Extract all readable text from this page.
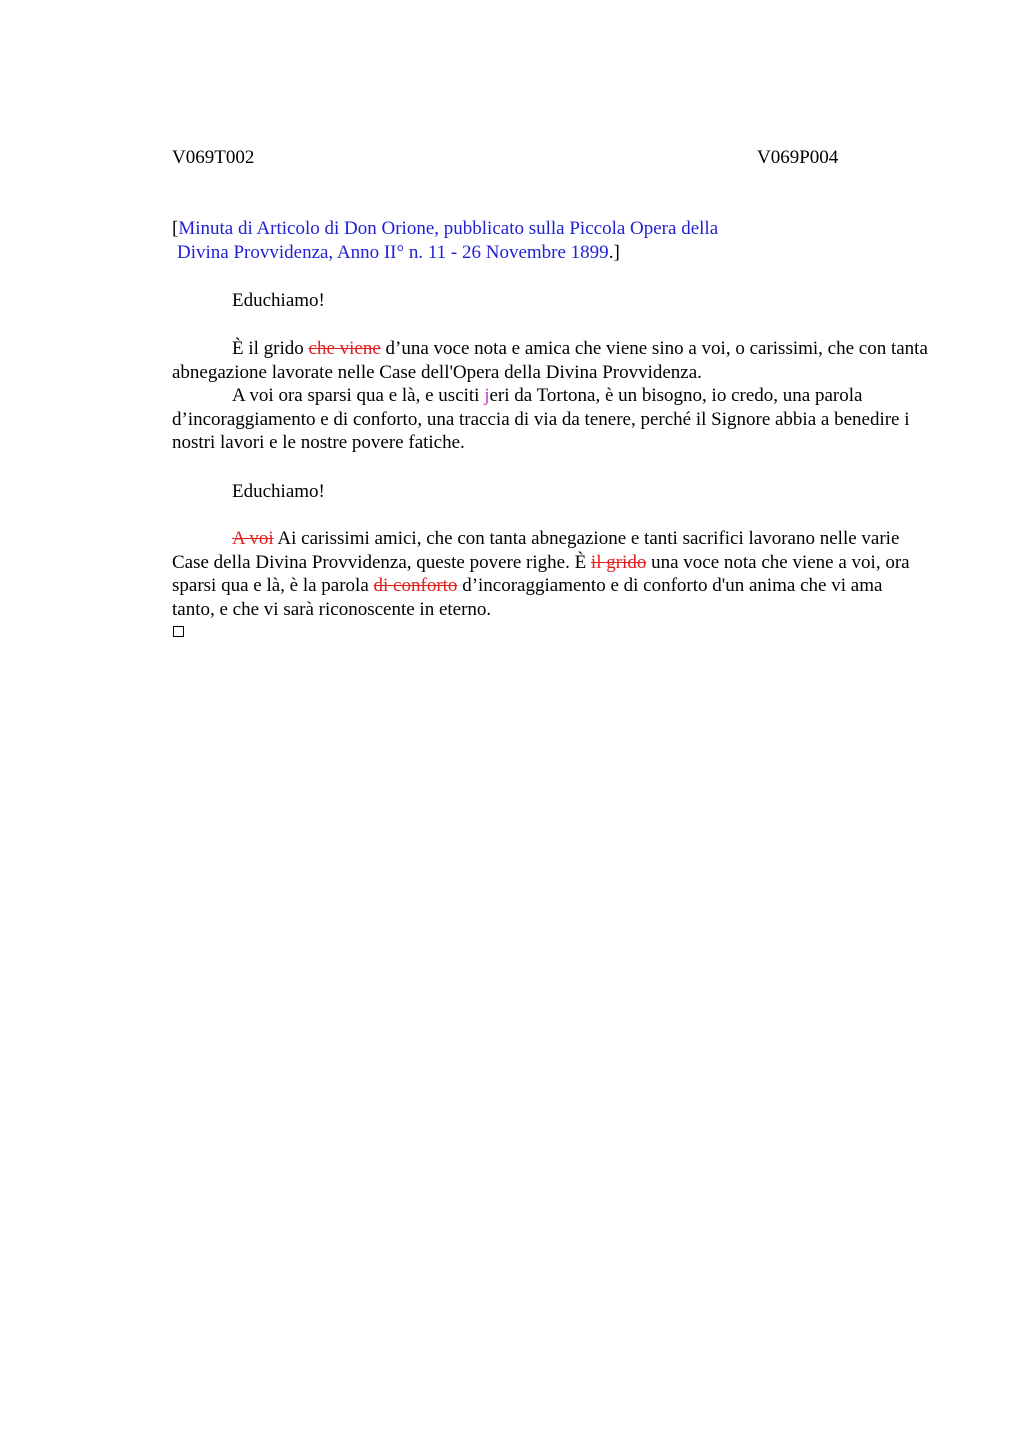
V069T002	V069P004
[Minuta di Articolo di Don Orione, pubblicato sulla Piccola Opera della
Divina Provvidenza, Anno II° n. 11 - 26 Novembre 1899.]
Educhiamo!

È il grido che viene d’una voce nota e amica che viene sino a voi, o carissimi, che con tanta abnegazione lavorate nelle Case dell'Opera della Divina Provvidenza.

A voi ora sparsi qua e là, e usciti jeri da Tortona, è un bisogno, io credo, una parola d’incoraggiamento e di conforto, una traccia di via da tenere, perché il Signore abbia a benedire i nostri lavori e le nostre povere fatiche.

Educhiamo!

A voi Ai carissimi amici, che con tanta abnegazione e tanti sacrifici lavorano nelle varie Case della Divina Provvidenza, queste povere righe. È il grido una voce nota che viene a voi, ora sparsi qua e là, è la parola di conforto d’incoraggiamento e di conforto d'un anima che vi ama tanto, e che vi sarà riconoscente in eterno.
